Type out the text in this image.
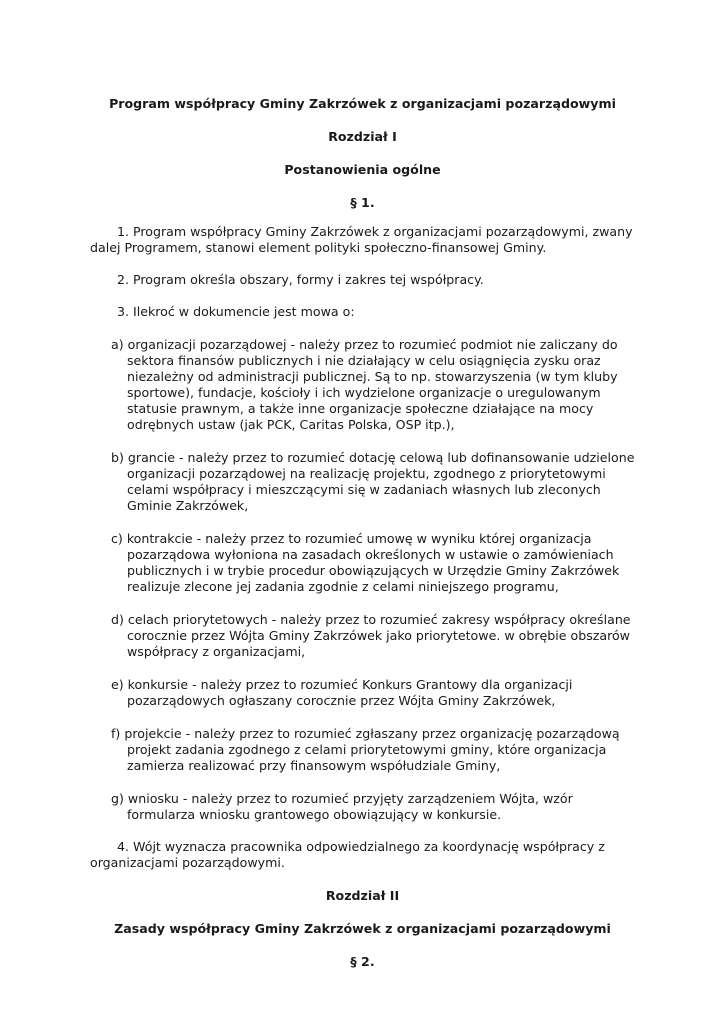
Program współpracy Gminy Zakrzówek z organizacjami pozarządowymi

Rozdział I

Postanowienia ogólne

§ 1.

1. Program współpracy Gminy Zakrzówek z organizacjami pozarządowymi, zwany dalej Programem, stanowi element polityki społeczno-finansowej Gminy.

2. Program określa obszary, formy i zakres tej współpracy.

3. Ilekroć w dokumencie jest mowa o:

a) organizacji pozarządowej - należy przez to rozumieć podmiot nie zaliczany do sektora finansów publicznych i nie działający w celu osiągnięcia zysku oraz niezależny od administracji publicznej. Są to np. stowarzyszenia (w tym kluby sportowe), fundacje, kościoły i ich wydzielone organizacje o uregulowanym statusie prawnym, a także inne organizacje społeczne działające na mocy odrębnych ustaw (jak PCK, Caritas Polska, OSP itp.),

b) grancie - należy przez to rozumieć dotację celową lub dofinansowanie udzielone organizacji pozarządowej na realizację projektu, zgodnego z priorytetowymi celami współpracy i mieszczącymi się w zadaniach własnych lub zleconych Gminie Zakrzówek,

c) kontrakcie - należy przez to rozumieć umowę w wyniku której organizacja pozarządowa wyłoniona na zasadach określonych w ustawie o zamówieniach publicznych i w trybie procedur obowiązujących w Urzędzie Gminy Zakrzówek realizuje zlecone jej zadania zgodnie z celami niniejszego programu,

d) celach priorytetowych - należy przez to rozumieć zakresy współpracy określane corocznie przez Wójta Gminy Zakrzówek jako priorytetowe. w obrębie obszarów współpracy z organizacjami,

e) konkursie - należy przez to rozumieć Konkurs Grantowy dla organizacji pozarządowych ogłaszany corocznie przez Wójta Gminy Zakrzówek,

f) projekcie - należy przez to rozumieć zgłaszany przez organizację pozarządową projekt zadania zgodnego z celami priorytetowymi gminy, które organizacja zamierza realizować przy finansowym współudziale Gminy,

g) wniosku - należy przez to rozumieć przyjęty zarządzeniem Wójta, wzór formularza wniosku grantowego obowiązujący w konkursie.

4. Wójt wyznacza pracownika odpowiedzialnego za koordynację współpracy z organizacjami pozarządowymi.

Rozdział II

Zasady współpracy Gminy Zakrzówek z organizacjami pozarządowymi

§ 2.
